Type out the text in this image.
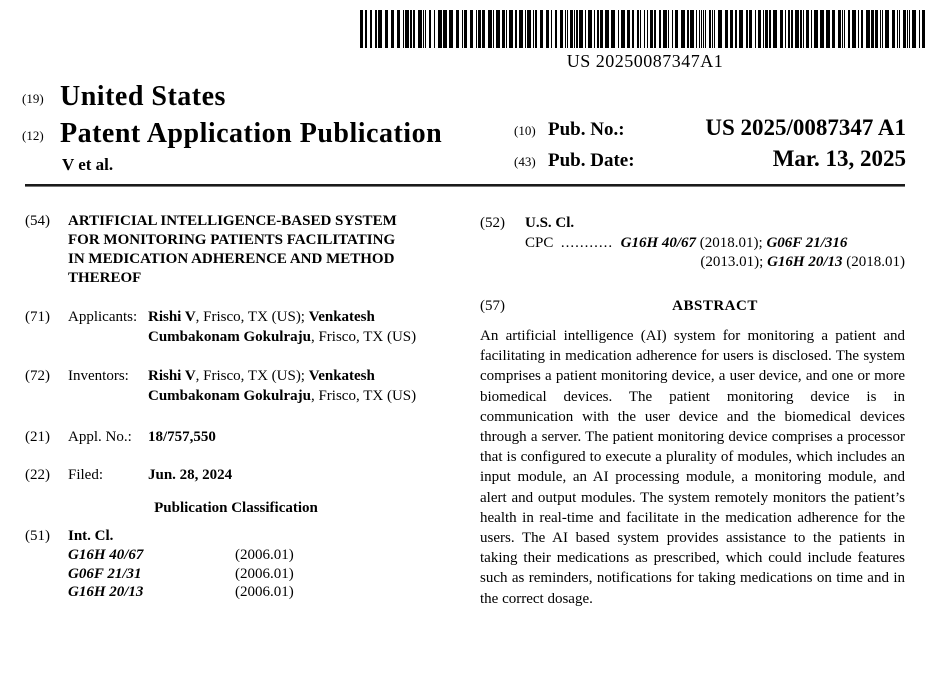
US 20250087347A1
(19) United States
(12) Patent Application Publication
V et al.
(10) Pub. No.:	US 2025/0087347 A1
(43) Pub. Date:	Mar. 13, 2025
(54)	ARTIFICIAL INTELLIGENCE-BASED SYSTEM FOR MONITORING PATIENTS FACILITATING IN MEDICATION ADHERENCE AND METHOD THEREOF
(71)	Applicants: Rishi V, Frisco, TX (US); Venkatesh Cumbakonam Gokulraju, Frisco, TX (US)
(72)	Inventors:	Rishi V, Frisco, TX (US); Venkatesh Cumbakonam Gokulraju, Frisco, TX (US)
(21)	Appl. No.:	18/757,550
(22)	Filed:	Jun. 28, 2024
Publication Classification
(51)	Int. Cl.
G16H 40/67	(2006.01)
G06F 21/31	(2006.01)
G16H 20/13	(2006.01)
(52)	U.S. Cl.
CPC ........... G16H 40/67 (2018.01); G06F 21/316
(2013.01); G16H 20/13 (2018.01)
(57)	ABSTRACT
An artificial intelligence (AI) system for monitoring a patient and facilitating in medication adherence for users is disclosed. The system comprises a patient monitoring device, a user device, and one or more biomedical devices. The patient monitoring device is in communication with the user device and the biomedical devices through a server. The patient monitoring device comprises a processor that is configured to execute a plurality of modules, which includes an input module, an AI processing module, a monitoring module, and alert and output modules. The system remotely monitors the patient’s health in real-time and facilitate in the medication adherence for the users. The AI based system provides assistance to the patients in taking their medications as prescribed, which could include features such as reminders, notifications for taking medications on time and in the correct dosage.
